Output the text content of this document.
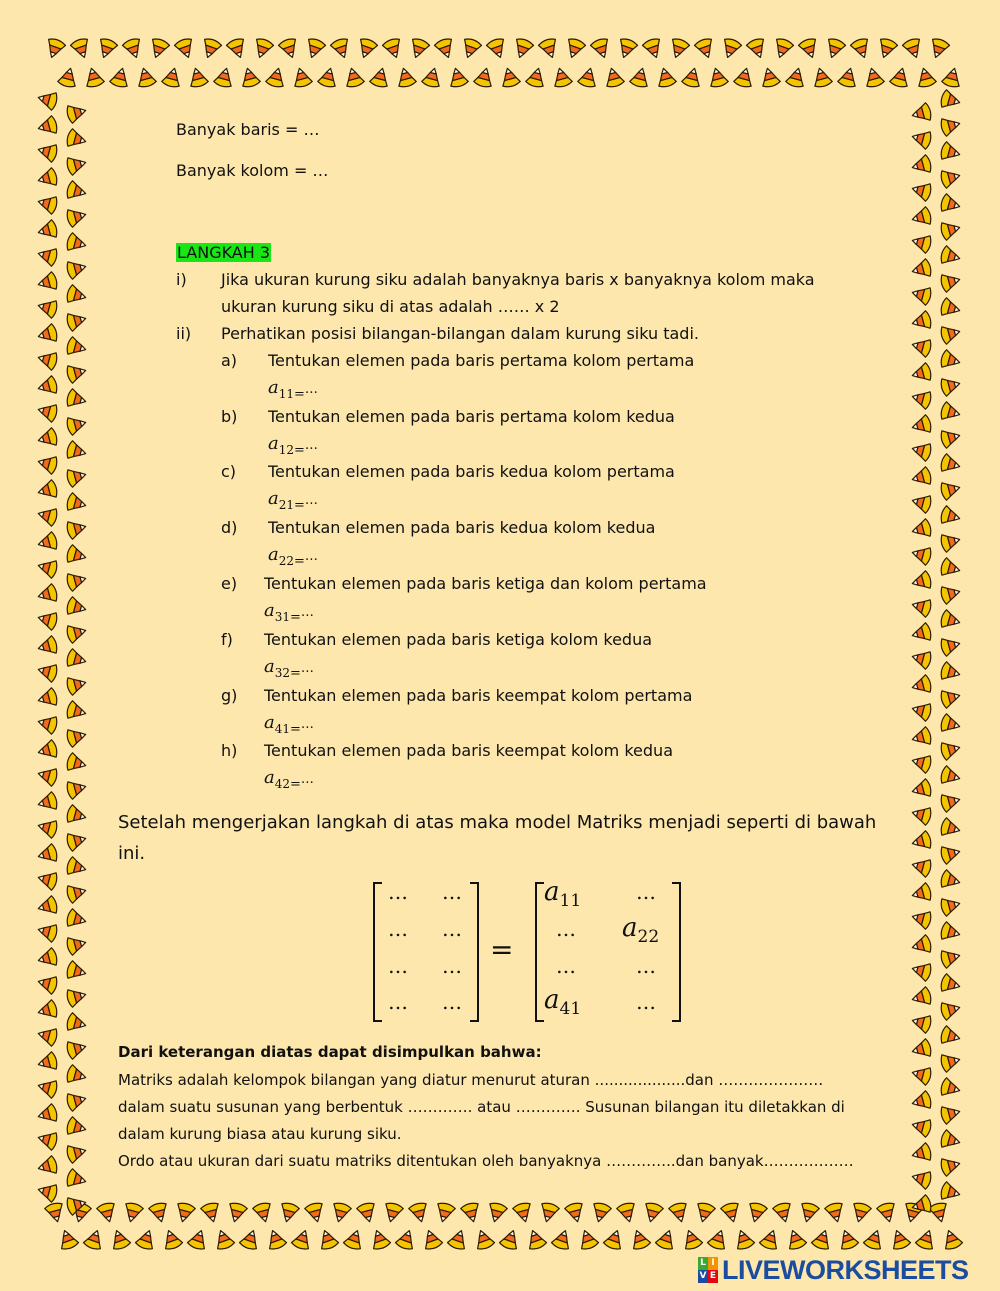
Banyak baris = …
Banyak kolom = …
LANGKAH 3
i) Jika ukuran kurung siku adalah banyaknya baris x banyaknya kolom maka
ukuran kurung siku di atas adalah …… x 2
ii) Perhatikan posisi bilangan-bilangan dalam kurung siku tadi.
a) Tentukan elemen pada baris pertama kolom pertama
$a_{11=}\dots$
b) Tentukan elemen pada baris pertama kolom kedua
$a_{12=}\dots$
c) Tentukan elemen pada baris kedua kolom pertama
$a_{21=}\dots$
d) Tentukan elemen pada baris kedua kolom kedua
$a_{22=}\dots$
e) Tentukan elemen pada baris ketiga dan kolom pertama
$a_{31=}\dots$
f) Tentukan elemen pada baris ketiga kolom kedua
$a_{32=}\dots$
g) Tentukan elemen pada baris keempat kolom pertama
$a_{41=}\dots$
h) Tentukan elemen pada baris keempat kolom kedua
$a_{42=}\dots$
Setelah mengerjakan langkah di atas maka model Matriks menjadi seperti di bawah
ini.
… …
… …
… …
… …
=
$a_{11}$	…
… $a_{22}$
…	…
$a_{41}$	…
Dari keterangan diatas dapat disimpulkan bahwa:
Matriks adalah kelompok bilangan yang diatur menurut aturan ...................dan …………………
dalam suatu susunan yang berbentuk …………. atau …………. Susunan bilangan itu diletakkan di
dalam kurung biasa atau kurung siku.
Ordo atau ukuran dari suatu matriks ditentukan oleh banyaknya …………..dan banyak………………
L I
V E LIVEWORKSHEETS
